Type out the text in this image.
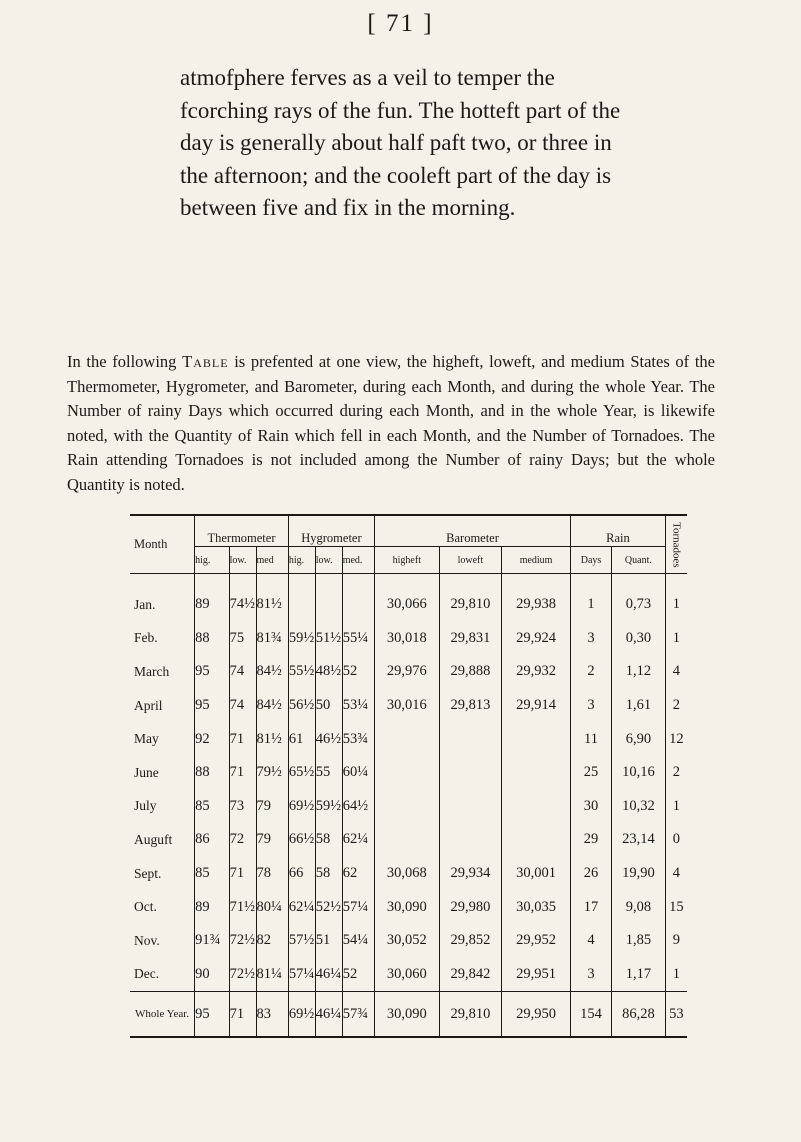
[ 71 ]
atmofphere ferves as a veil to temper the fcorching rays of the fun. The hotteft part of the day is generally about half paft two, or three in the afternoon; and the cooleft part of the day is between five and fix in the morning.
In the following Table is prefented at one view, the higheft, loweft, and medium States of the Thermometer, Hygrometer, and Barometer, during each Month, and during the whole Year. The Number of rainy Days which occurred during each Month, and in the whole Year, is likewife noted, with the Quantity of Rain which fell in each Month, and the Number of Tornadoes. The Rain attending Tornadoes is not included among the Number of rainy Days; but the whole Quantity is noted.
Month	Thermometer			Hygrometer			Barometer			Rain		Tornadoes
	hig.	low.	med	hig.	low.	med.	higheft	loweft	medium	Days	Quant.	

Jan.	89	74½	81½				30,066	29,810	29,938	1	0,73	1
Feb.	88	75	81¾	59½	51½	55¼	30,018	29,831	29,924	3	0,30	1
March	95	74	84½	55½	48½	52	29,976	29,888	29,932	2	1,12	4
April	95	74	84½	56½	50	53¼	30,016	29,813	29,914	3	1,61	2
May	92	71	81½	61	46½	53¾				11	6,90	12
June	88	71	79½	65½	55	60¼				25	10,16	2
July	85	73	79	69½	59½	64½				30	10,32	1
Auguft	86	72	79	66½	58	62¼				29	23,14	0
Sept.	85	71	78	66	58	62	30,068	29,934	30,001	26	19,90	4
Oct.	89	71½	80¼	62¼	52½	57¼	30,090	29,980	30,035	17	9,08	15
Nov.	91¾	72½	82	57½	51	54¼	30,052	29,852	29,952	4	1,85	9
Dec.	90	72½	81¼	57¼	46¼	52	30,060	29,842	29,951	3	1,17	1
Whole Year.	95	71	83	69½	46¼	57¾	30,090	29,810	29,950	154	86,28	53
